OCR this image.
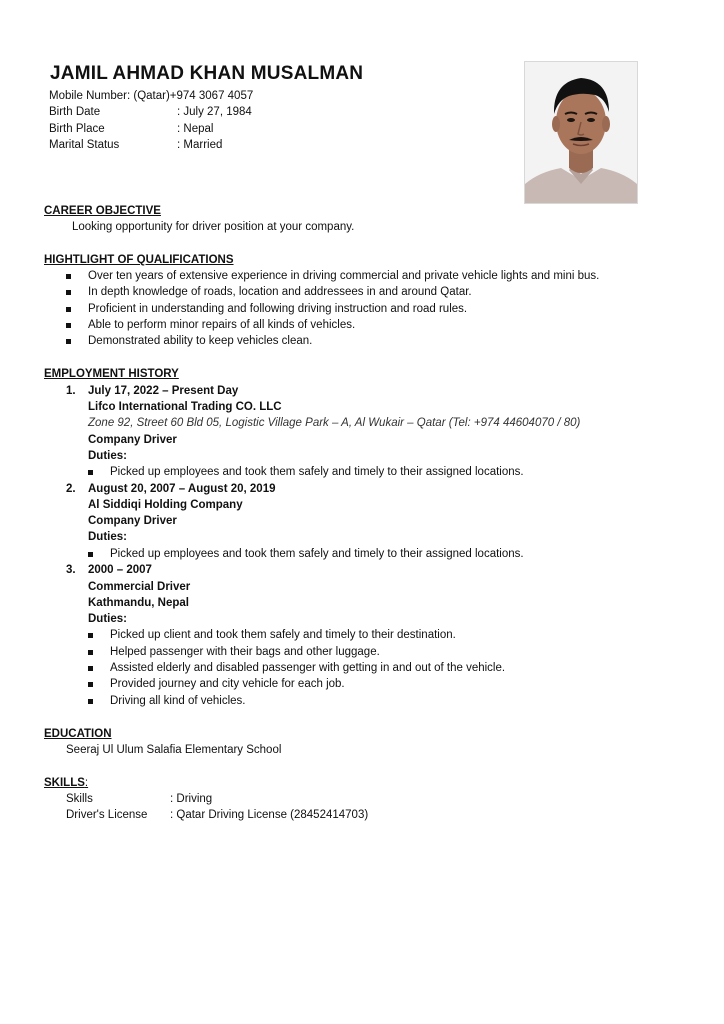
JAMIL AHMAD KHAN MUSALMAN
Mobile Number: (Qatar)+974 3067 4057
Birth Date	: July 27, 1984
Birth Place	: Nepal
Marital Status	: Married
CAREER OBJECTIVE
Looking opportunity for driver position at your company.
HIGHTLIGHT OF QUALIFICATIONS
Over ten years of extensive experience in driving commercial and private vehicle lights and mini bus.
In depth knowledge of roads, location and addressees in and around Qatar.
Proficient in understanding and following driving instruction and road rules.
Able to perform minor repairs of all kinds of vehicles.
Demonstrated ability to keep vehicles clean.
EMPLOYMENT HISTORY
1. July 17, 2022 – Present Day
Lifco International Trading CO. LLC
Zone 92, Street 60 Bld 05, Logistic Village Park – A, Al Wukair – Qatar (Tel: +974 44604070 / 80)
Company Driver
Duties:
Picked up employees and took them safely and timely to their assigned locations.
2. August 20, 2007 – August 20, 2019
Al Siddiqi Holding Company
Company Driver
Duties:
Picked up employees and took them safely and timely to their assigned locations.
3. 2000 – 2007
Commercial Driver
Kathmandu, Nepal
Duties:
Picked up client and took them safely and timely to their destination.
Helped passenger with their bags and other luggage.
Assisted elderly and disabled passenger with getting in and out of the vehicle.
Provided journey and city vehicle for each job.
Driving all kind of vehicles.
EDUCATION
Seeraj Ul Ulum Salafia Elementary School
SKILLS:
Skills	: Driving
Driver's License : Qatar Driving License (28452414703)
